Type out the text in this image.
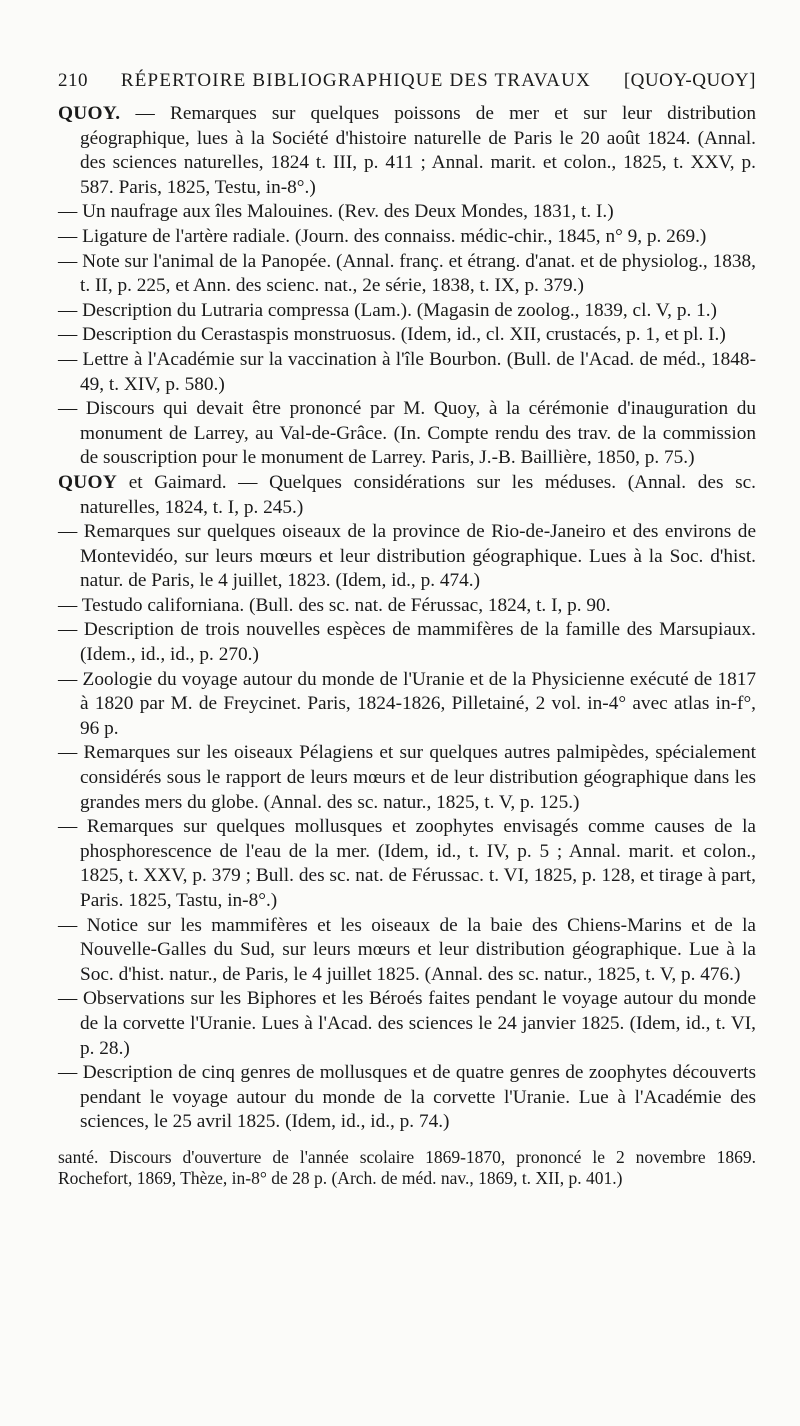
210 RÉPERTOIRE BIBLIOGRAPHIQUE DES TRAVAUX [QUOY-QUOY]

QUOY. — Remarques sur quelques poissons de mer et sur leur distribution géographique, lues à la Société d'histoire naturelle de Paris le 20 août 1824. (Annal. des sciences naturelles, 1824 t. III, p. 411 ; Annal. marit. et colon., 1825, t. XXV, p. 587. Paris, 1825, Testu, in-8°.)

— Un naufrage aux îles Malouines. (Rev. des Deux Mondes, 1831, t. I.)

— Ligature de l'artère radiale. (Journ. des connaiss. médic-chir., 1845, n° 9, p. 269.)

— Note sur l'animal de la Panopée. (Annal. franç. et étrang. d'anat. et de physiolog., 1838, t. II, p. 225, et Ann. des scienc. nat., 2e série, 1838, t. IX, p. 379.)

— Description du Lutraria compressa (Lam.). (Magasin de zoolog., 1839, cl. V, p. 1.)

— Description du Cerastaspis monstruosus. (Idem, id., cl. XII, crustacés, p. 1, et pl. I.)

— Lettre à l'Académie sur la vaccination à l'île Bourbon. (Bull. de l'Acad. de méd., 1848-49, t. XIV, p. 580.)

— Discours qui devait être prononcé par M. Quoy, à la cérémonie d'inauguration du monument de Larrey, au Val-de-Grâce. (In. Compte rendu des trav. de la commission de souscription pour le monument de Larrey. Paris, J.-B. Baillière, 1850, p. 75.)

QUOY et Gaimard. — Quelques considérations sur les méduses. (Annal. des sc. naturelles, 1824, t. I, p. 245.)

— Remarques sur quelques oiseaux de la province de Rio-de-Janeiro et des environs de Montevidéo, sur leurs mœurs et leur distribution géographique. Lues à la Soc. d'hist. natur. de Paris, le 4 juillet, 1823. (Idem, id., p. 474.)

— Testudo californiana. (Bull. des sc. nat. de Férussac, 1824, t. I, p. 90.

— Description de trois nouvelles espèces de mammifères de la famille des Marsupiaux. (Idem., id., id., p. 270.)

— Zoologie du voyage autour du monde de l'Uranie et de la Physicienne exécuté de 1817 à 1820 par M. de Freycinet. Paris, 1824-1826, Pilletainé, 2 vol. in-4° avec atlas in-f°, 96 p.

— Remarques sur les oiseaux Pélagiens et sur quelques autres palmipèdes, spécialement considérés sous le rapport de leurs mœurs et de leur distribution géographique dans les grandes mers du globe. (Annal. des sc. natur., 1825, t. V, p. 125.)

— Remarques sur quelques mollusques et zoophytes envisagés comme causes de la phosphorescence de l'eau de la mer. (Idem, id., t. IV, p. 5 ; Annal. marit. et colon., 1825, t. XXV, p. 379 ; Bull. des sc. nat. de Férussac. t. VI, 1825, p. 128, et tirage à part, Paris. 1825, Tastu, in-8°.)

— Notice sur les mammifères et les oiseaux de la baie des Chiens-Marins et de la Nouvelle-Galles du Sud, sur leurs mœurs et leur distribution géographique. Lue à la Soc. d'hist. natur., de Paris, le 4 juillet 1825. (Annal. des sc. natur., 1825, t. V, p. 476.)

— Observations sur les Biphores et les Béroés faites pendant le voyage autour du monde de la corvette l'Uranie. Lues à l'Acad. des sciences le 24 janvier 1825. (Idem, id., t. VI, p. 28.)

— Description de cinq genres de mollusques et de quatre genres de zoophytes découverts pendant le voyage autour du monde de la corvette l'Uranie. Lue à l'Académie des sciences, le 25 avril 1825. (Idem, id., id., p. 74.)

santé. Discours d'ouverture de l'année scolaire 1869-1870, prononcé le 2 novembre 1869. Rochefort, 1869, Thèze, in-8° de 28 p. (Arch. de méd. nav., 1869, t. XII, p. 401.)
